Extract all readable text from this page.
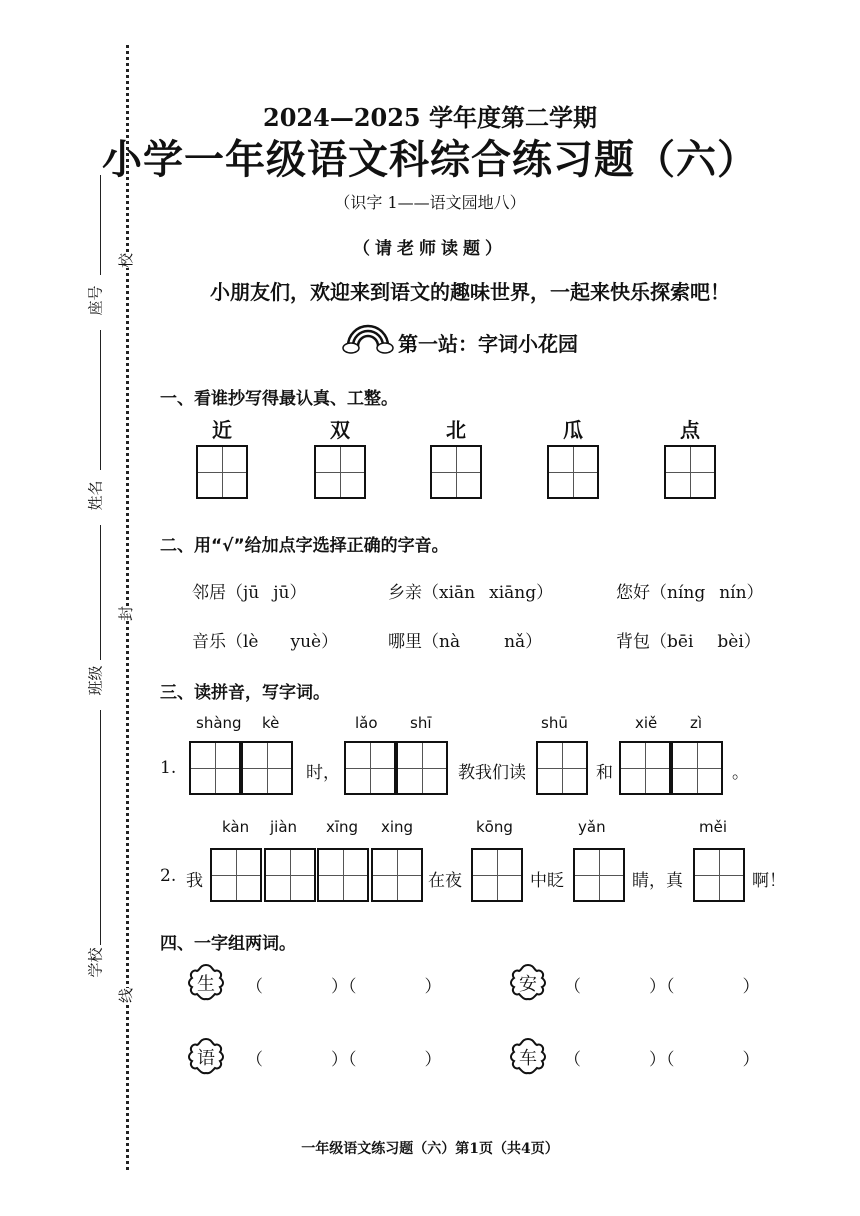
校
封
线
座号
姓名
班级
学校
2024—2025 学年度第二学期
小学一年级语文科综合练习题（六）
（识字 1——语文园地八）
（请老师读题）
小朋友们，欢迎来到语文的趣味世界，一起来快乐探索吧！
第一站：字词小花园
一、看谁抄写得最认真、工整。
近	双	北	瓜	点
二、用“√”给加点字选择正确的字音。
邻居（jū jū）	乡亲（xiān xiāng）	您好（níng nín）
音乐（lè yuè）	哪里（nà	nǎ）	背包（bēi bèi）
三、读拼音，写字词。
shàng kè	lǎo shī	shū	xiě zì
1.	时，	教我们读	和	。
kàn jiàn xīng xing	kōng	yǎn	měi
2. 我	在夜	中眨	睛，真	啊！
四、一字组两词。
生 （　　　　）（　　　　）	安 （　　　　）（　　　　）
语 （　　　　）（　　　　）	车 （　　　　）（　　　　）
一年级语文练习题（六）第1页（共4页）
